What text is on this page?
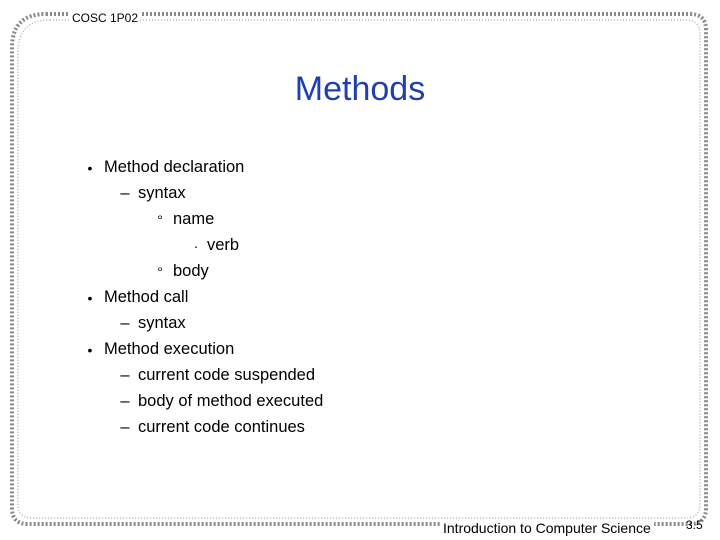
COSC 1P02
Methods
• Method declaration
– syntax
° name
· verb
° body
• Method call
– syntax
• Method execution
– current code suspended
– body of method executed
– current code continues
Introduction to Computer Science	3.5
